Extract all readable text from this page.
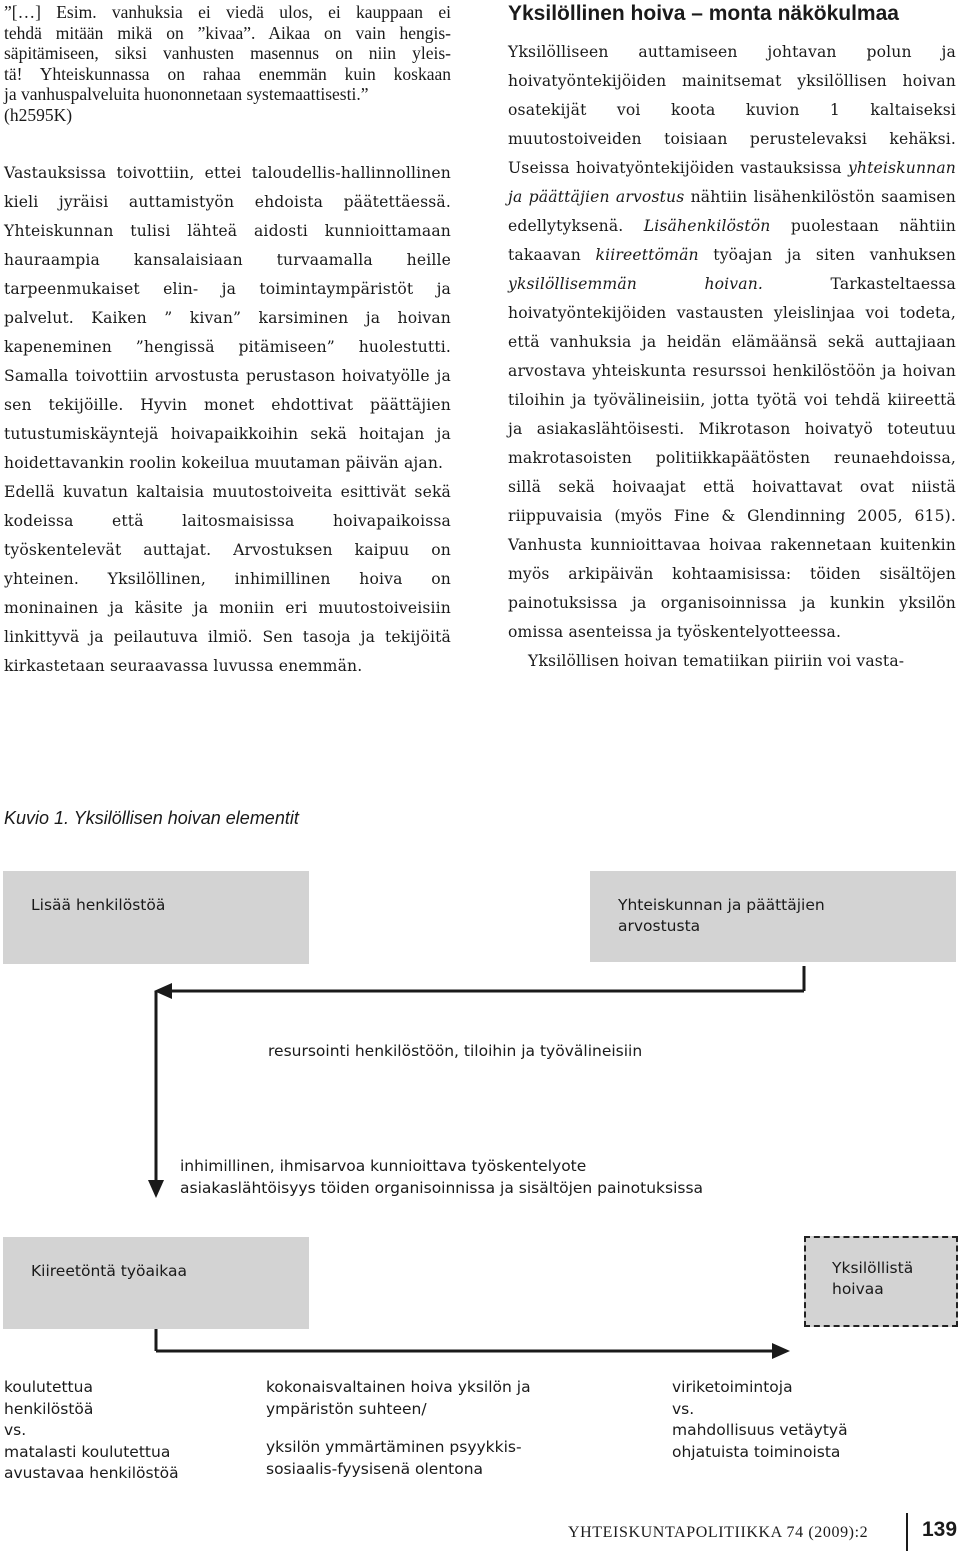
”[…] Esim. vanhuksia ei viedä ulos, ei kauppaan ei
tehdä mitään mikä on ”kivaa”. Aikaa on vain hengis-
säpitämiseen, siksi vanhusten masennus on niin yleis-
tä! Yhteiskunnassa on rahaa enemmän kuin koskaan
ja vanhuspalveluita huononnetaan systemaattisesti.”
(h2595K)

Vastauksissa toivottiin, ettei taloudellis-hallinnollinen kieli jyräisi auttamistyön ehdoista päätettäessä. Yhteiskunnan tulisi lähteä aidosti kunnioittamaan hauraampia kansalaisiaan turvaamalla heille tarpeenmukaiset elin- ja toimintaympäristöt ja palvelut. Kaiken ” kivan” karsiminen ja hoivan kapeneminen ”hengissä pitämiseen” huolestutti. Samalla toivottiin arvostusta perustason hoivatyölle ja sen tekijöille. Hyvin monet ehdottivat päättäjien tutustumiskäyntejä hoivapaikkoihin sekä hoitajan ja hoidettavankin roolin kokeilua muutaman päivän ajan.

Edellä kuvatun kaltaisia muutostoiveita esittivät sekä kodeissa että laitosmaisissa hoivapaikoissa työskentelevät auttajat. Arvostuksen kaipuu on yhteinen. Yksilöllinen, inhimillinen hoiva on moninainen ja käsite ja moniin eri muutostoiveisiin linkittyvä ja peilautuva ilmiö. Sen tasoja ja tekijöitä kirkastetaan seuraavassa luvussa enemmän.

Yksilöllinen hoiva – monta näkökulmaa

Yksilölliseen auttamiseen johtavan polun ja hoivatyöntekijöiden mainitsemat yksilöllisen hoivan osatekijät voi koota kuvion 1 kaltaiseksi muutostoiveiden toisiaan perustelevaksi kehäksi. Useissa hoivatyöntekijöiden vastauksissa yhteiskunnan ja päättäjien arvostus nähtiin lisähenkilöstön saamisen edellytyksenä. Lisähenkilöstön puolestaan nähtiin takaavan kiireettömän työajan ja siten vanhuksen yksilöllisemmän hoivan. Tarkasteltaessa hoivatyöntekijöiden vastausten yleislinjaa voi todeta, että vanhuksia ja heidän elämäänsä sekä auttajiaan arvostava yhteiskunta resurssoi henkilöstöön ja hoivan tiloihin ja työvälineisiin, jotta työtä voi tehdä kiireettä ja asiakaslähtöisesti. Mikrotason hoivatyö toteutuu makrotasoisten politiikkapäätösten reunaehdoissa, sillä sekä hoivaajat että hoivattavat ovat niistä riippuvaisia (myös Fine & Glendinning 2005, 615). Vanhusta kunnioittavaa hoivaa rakennetaan kuitenkin myös arkipäivän kohtaamisissa: töiden sisältöjen painotuksissa ja organisoinnissa ja kunkin yksilön omissa asenteissa ja työskentelyotteessa.

Yksilöllisen hoivan tematiikan piiriin voi vasta-

Kuvio 1. Yksilöllisen hoivan elementit
Lisää henkilöstöä	Yhteiskunnan ja päättäjien
arvostusta
resursointi henkilöstöön, tiloihin ja työvälineisiin
inhimillinen, ihmisarvoa kunnioittava työskentelyote
asiakaslähtöisyys töiden organisoinnissa ja sisältöjen painotuksissa
Kiireetöntä työaikaa	Yksilöllistä
hoivaa
koulutettua
henkilöstöä
vs.
matalasti koulutettua
avustavaa henkilöstöä
kokonaisvaltainen hoiva yksilön ja
ympäristön suhteen/
yksilön ymmärtäminen psyykkis-
sosiaalis-fyysisenä olentona
viriketoimintoja
vs.
mahdollisuus vetäytyä
ohjatuista toiminoista
YHTEISKUNTAPOLITIIKKA 74 (2009):2	139
